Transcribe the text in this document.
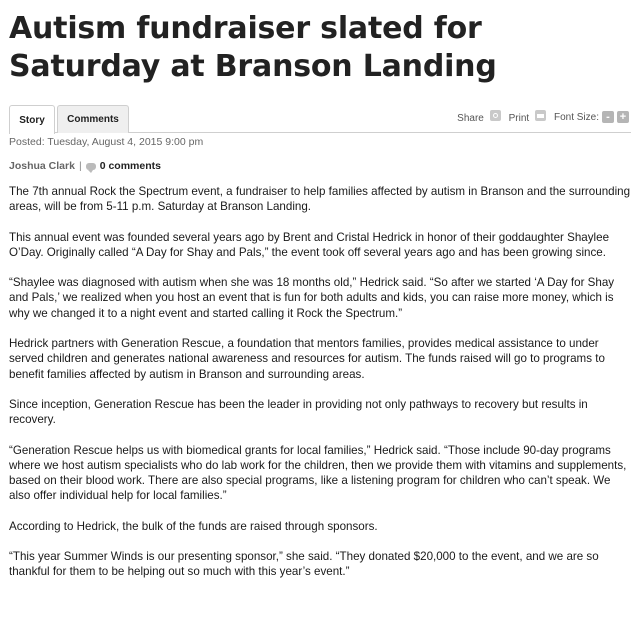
Autism fundraiser slated for Saturday at Branson Landing
Story	Comments	Share	Print	Font Size: - +
Posted: Tuesday, August 4, 2015 9:00 pm
Joshua Clark | 0 comments

The 7th annual Rock the Spectrum event, a fundraiser to help families affected by autism in Branson and the surrounding areas, will be from 5-11 p.m. Saturday at Branson Landing.

This annual event was founded several years ago by Brent and Cristal Hedrick in honor of their goddaughter Shaylee O’Day. Originally called “A Day for Shay and Pals,” the event took off several years ago and has been growing since.

“Shaylee was diagnosed with autism when she was 18 months old,” Hedrick said. “So after we started ‘A Day for Shay and Pals,’ we realized when you host an event that is fun for both adults and kids, you can raise more money, which is why we changed it to a night event and started calling it Rock the Spectrum.”

Hedrick partners with Generation Rescue, a foundation that mentors families, provides medical assistance to under served children and generates national awareness and resources for autism. The funds raised will go to programs to benefit families affected by autism in Branson and surrounding areas.

Since inception, Generation Rescue has been the leader in providing not only pathways to recovery but results in recovery.

“Generation Rescue helps us with biomedical grants for local families,” Hedrick said. “Those include 90-day programs where we host autism specialists who do lab work for the children, then we provide them with vitamins and supplements, based on their blood work. There are also special programs, like a listening program for children who can’t speak. We also offer individual help for local families.”

According to Hedrick, the bulk of the funds are raised through sponsors.

“This year Summer Winds is our presenting sponsor,” she said. “They donated $20,000 to the event, and we are so thankful for them to be helping out so much with this year’s event.”
